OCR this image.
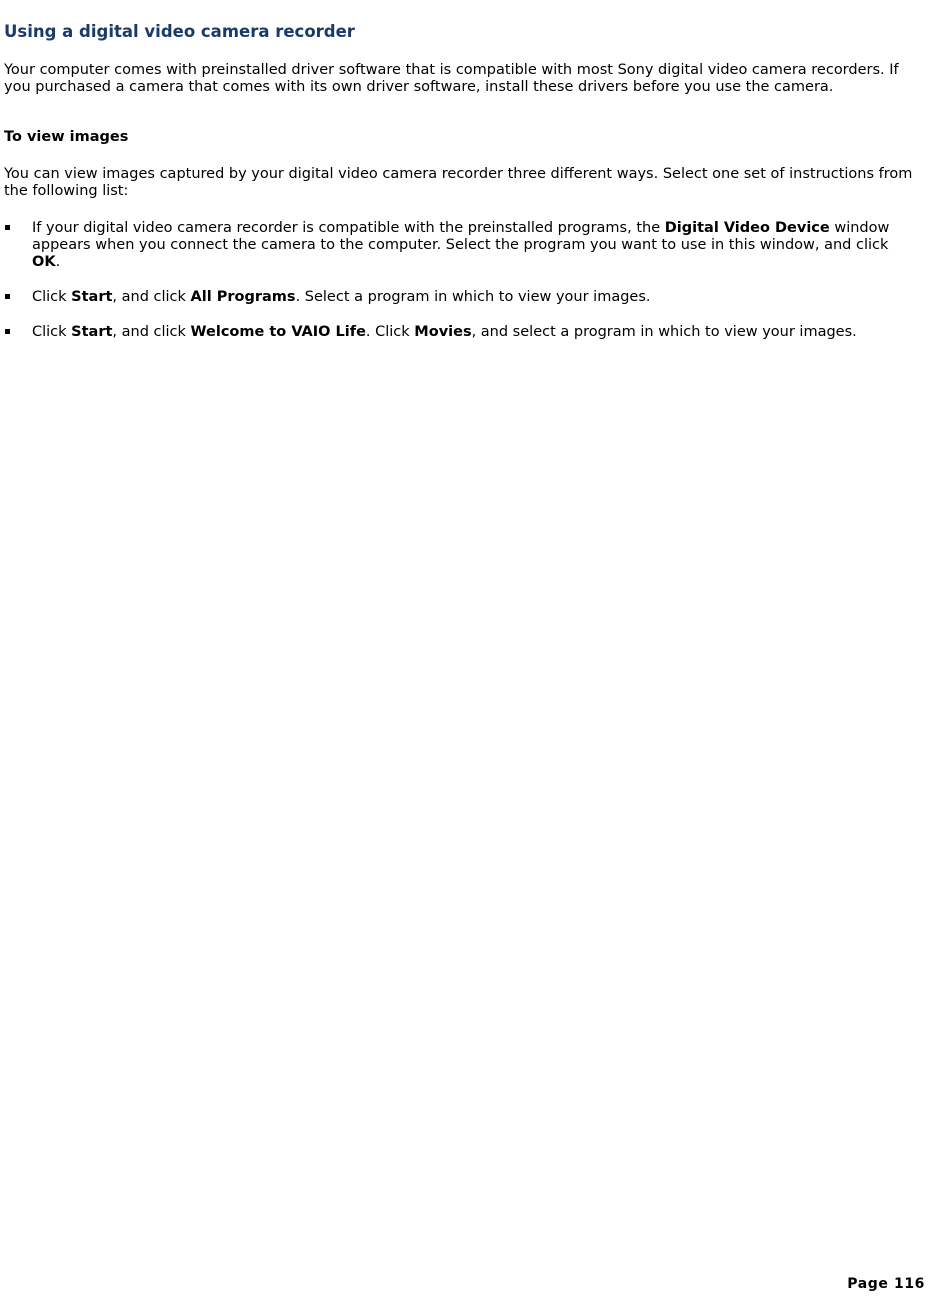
Using a digital video camera recorder

Your computer comes with preinstalled driver software that is compatible with most Sony digital video camera recorders. If you purchased a camera that comes with its own driver software, install these drivers before you use the camera.

To view images

You can view images captured by your digital video camera recorder three different ways. Select one set of instructions from the following list:

If your digital video camera recorder is compatible with the preinstalled programs, the Digital Video Device window appears when you connect the camera to the computer. Select the program you want to use in this window, and click OK.
Click Start, and click All Programs. Select a program in which to view your images.
Click Start, and click Welcome to VAIO Life. Click Movies, and select a program in which to view your images.
Page 116
